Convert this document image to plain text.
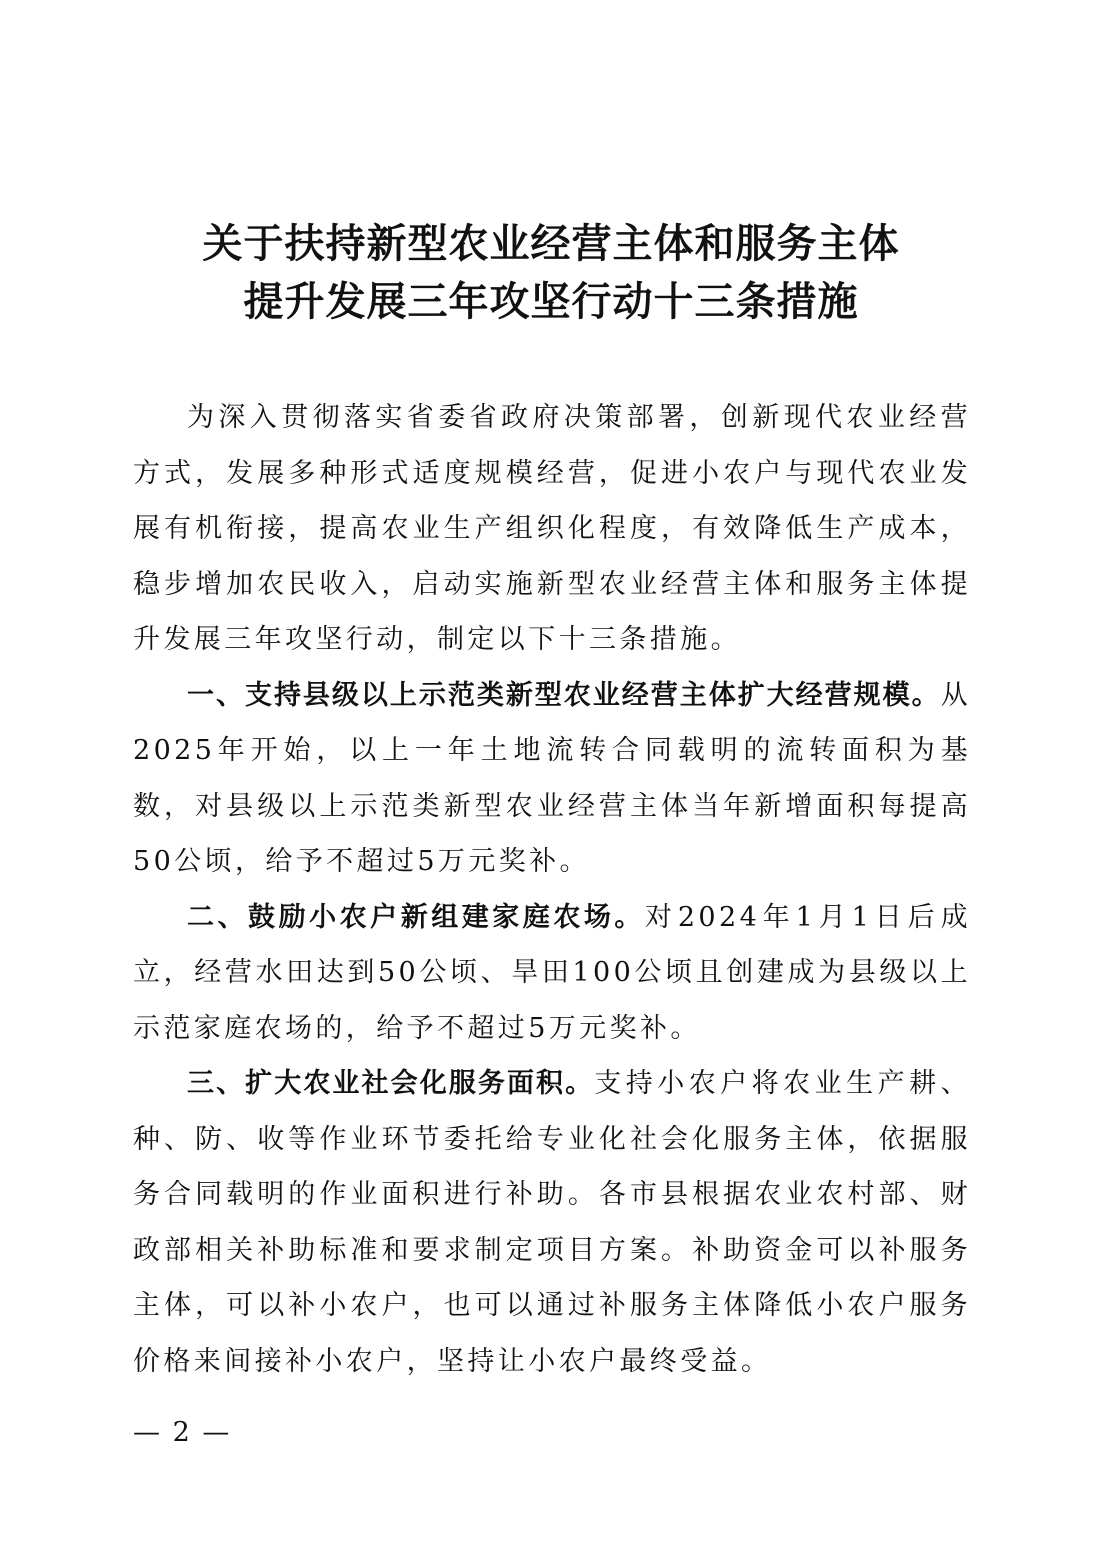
关于扶持新型农业经营主体和服务主体
提升发展三年攻坚行动十三条措施

为深入贯彻落实省委省政府决策部署，创新现代农业经营方式，发展多种形式适度规模经营，促进小农户与现代农业发展有机衔接，提高农业生产组织化程度，有效降低生产成本，稳步增加农民收入，启动实施新型农业经营主体和服务主体提升发展三年攻坚行动，制定以下十三条措施。

一、支持县级以上示范类新型农业经营主体扩大经营规模。从2025年开始，以上一年土地流转合同载明的流转面积为基数，对县级以上示范类新型农业经营主体当年新增面积每提高50公顷，给予不超过5万元奖补。

二、鼓励小农户新组建家庭农场。对2024年1月1日后成立，经营水田达到50公顷、旱田100公顷且创建成为县级以上示范家庭农场的，给予不超过5万元奖补。

三、扩大农业社会化服务面积。支持小农户将农业生产耕、种、防、收等作业环节委托给专业化社会化服务主体，依据服务合同载明的作业面积进行补助。各市县根据农业农村部、财政部相关补助标准和要求制定项目方案。补助资金可以补服务主体，可以补小农户，也可以通过补服务主体降低小农户服务价格来间接补小农户，坚持让小农户最终受益。

— 2 —
